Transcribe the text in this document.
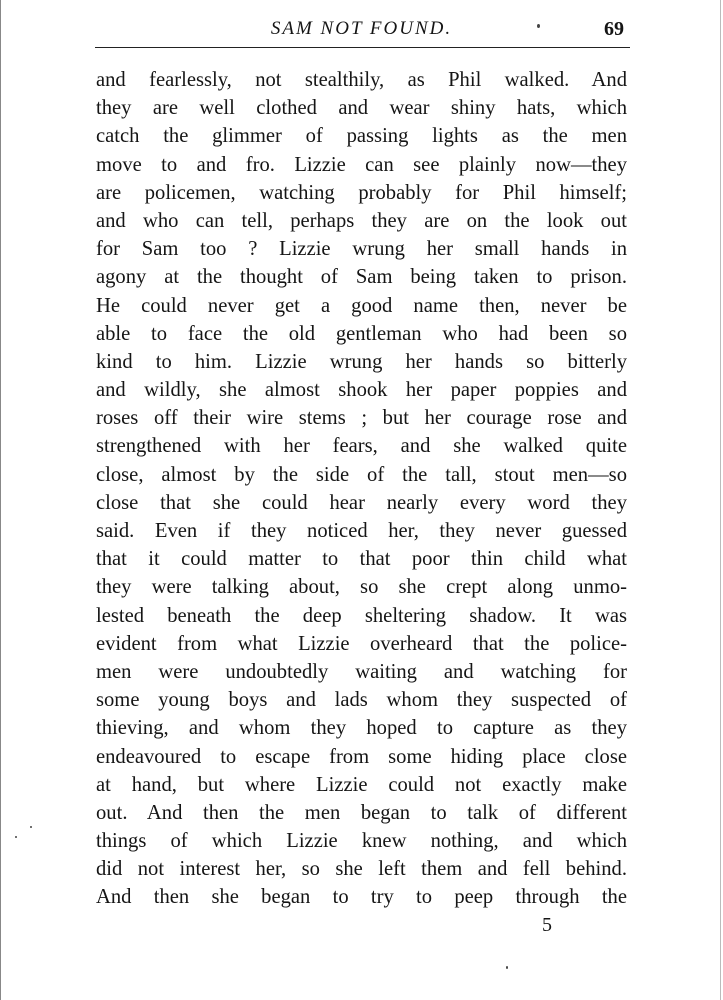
SAM NOT FOUND.	69
and fearlessly, not stealthily, as Phil walked. And
they are well clothed and wear shiny hats, which
catch the glimmer of passing lights as the men
move to and fro. Lizzie can see plainly now—they
are policemen, watching probably for Phil himself;
and who can tell, perhaps they are on the look out
for Sam too ? Lizzie wrung her small hands in
agony at the thought of Sam being taken to prison.
He could never get a good name then, never be
able to face the old gentleman who had been so
kind to him. Lizzie wrung her hands so bitterly
and wildly, she almost shook her paper poppies and
roses off their wire stems ; but her courage rose and
strengthened with her fears, and she walked quite
close, almost by the side of the tall, stout men—so
close that she could hear nearly every word they
said. Even if they noticed her, they never guessed
that it could matter to that poor thin child what
they were talking about, so she crept along unmo-
lested beneath the deep sheltering shadow. It was
evident from what Lizzie overheard that the police-
men were undoubtedly waiting and watching for
some young boys and lads whom they suspected of
thieving, and whom they hoped to capture as they
endeavoured to escape from some hiding place close
at hand, but where Lizzie could not exactly make
out. And then the men began to talk of different
things of which Lizzie knew nothing, and which
did not interest her, so she left them and fell behind.
And then she began to try to peep through the
5
